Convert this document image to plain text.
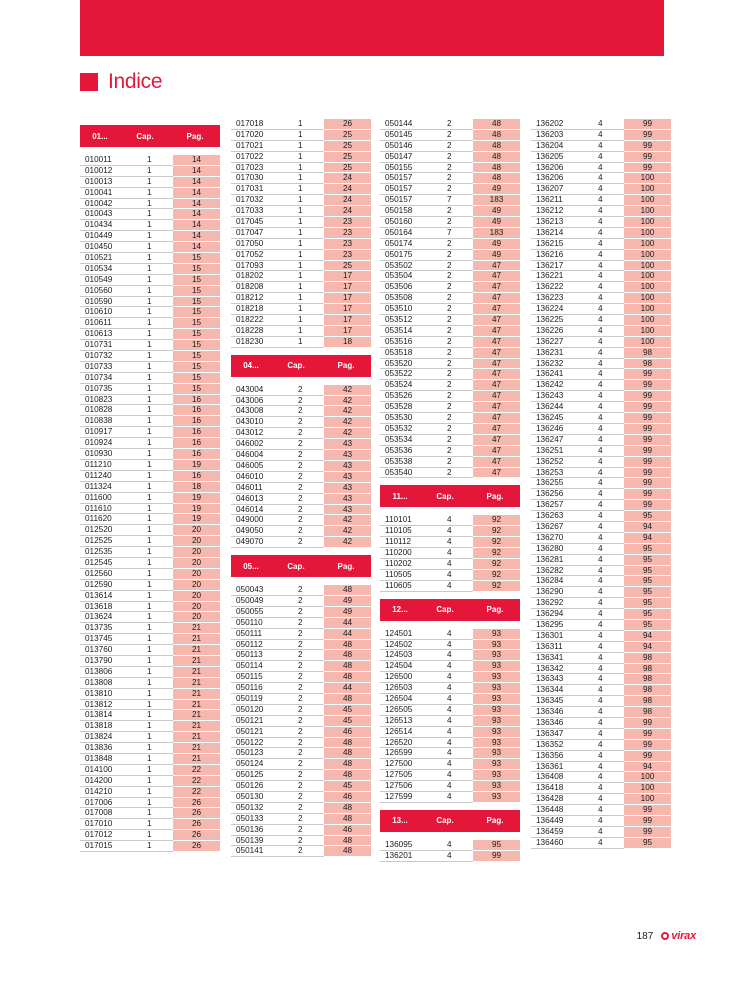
Indice
01...	Cap.	Pag.
010011	1	14
010012	1	14
010013	1	14
010041	1	14
010042	1	14
010043	1	14
010434	1	14
010449	1	14
010450	1	14
010521	1	15
010534	1	15
010549	1	15
010560	1	15
010590	1	15
010610	1	15
010611	1	15
010613	1	15
010731	1	15
010732	1	15
010733	1	15
010734	1	15
010735	1	15
010823	1	16
010828	1	16
010838	1	16
010917	1	16
010924	1	16
010930	1	16
011210	1	19
011240	1	16
011324	1	18
011600	1	19
011610	1	19
011620	1	19
012520	1	20
012525	1	20
012535	1	20
012545	1	20
012560	1	20
012590	1	20
013614	1	20
013618	1	20
013624	1	20
013735	1	21
013745	1	21
013760	1	21
013790	1	21
013806	1	21
013808	1	21
013810	1	21
013812	1	21
013814	1	21
013818	1	21
013824	1	21
013836	1	21
013848	1	21
014100	1	22
014200	1	22
014210	1	22
017006	1	26
017008	1	26
017010	1	26
017012	1	26
017015	1	26
017018	1	26
017020	1	25
017021	1	25
017022	1	25
017023	1	25
017030	1	24
017031	1	24
017032	1	24
017033	1	24
017045	1	23
017047	1	23
017050	1	23
017052	1	23
017093	1	25
018202	1	17
018208	1	17
018212	1	17
018218	1	17
018222	1	17
018228	1	17
018230	1	18
04...	Cap.	Pag.
043004	2	42
043006	2	42
043008	2	42
043010	2	42
043012	2	42
046002	2	43
046004	2	43
046005	2	43
046010	2	43
046011	2	43
046013	2	43
046014	2	43
049000	2	42
049050	2	42
049070	2	42
05...	Cap.	Pag.
050043	2	48
050049	2	49
050055	2	49
050110	2	44
050111	2	44
050112	2	48
050113	2	48
050114	2	48
050115	2	48
050116	2	44
050119	2	48
050120	2	45
050121	2	45
050121	2	46
050122	2	48
050123	2	48
050124	2	48
050125	2	48
050126	2	45
050130	2	46
050132	2	48
050133	2	48
050136	2	46
050139	2	48
050141	2	48
050144	2	48
050145	2	48
050146	2	48
050147	2	48
050155	2	48
050157	2	48
050157	2	49
050157	7	183
050158	2	49
050160	2	49
050164	7	183
050174	2	49
050175	2	49
053502	2	47
053504	2	47
053506	2	47
053508	2	47
053510	2	47
053512	2	47
053514	2	47
053516	2	47
053518	2	47
053520	2	47
053522	2	47
053524	2	47
053526	2	47
053528	2	47
053530	2	47
053532	2	47
053534	2	47
053536	2	47
053538	2	47
053540	2	47
11...	Cap.	Pag.
110101	4	92
110105	4	92
110112	4	92
110200	4	92
110202	4	92
110505	4	92
110605	4	92
12...	Cap.	Pag.
124501	4	93
124502	4	93
124503	4	93
124504	4	93
126500	4	93
126503	4	93
126504	4	93
126505	4	93
126513	4	93
126514	4	93
126520	4	93
126599	4	93
127500	4	93
127505	4	93
127506	4	93
127599	4	93
13...	Cap.	Pag.
136095	4	95
136201	4	99
136202	4	99
136203	4	99
136204	4	99
136205	4	99
136206	4	99
136206	4	100
136207	4	100
136211	4	100
136212	4	100
136213	4	100
136214	4	100
136215	4	100
136216	4	100
136217	4	100
136221	4	100
136222	4	100
136223	4	100
136224	4	100
136225	4	100
136226	4	100
136227	4	100
136231	4	98
136232	4	98
136241	4	99
136242	4	99
136243	4	99
136244	4	99
136245	4	99
136246	4	99
136247	4	99
136251	4	99
136252	4	99
136253	4	99
136255	4	99
136256	4	99
136257	4	99
136263	4	95
136267	4	94
136270	4	94
136280	4	95
136281	4	95
136282	4	95
136284	4	95
136290	4	95
136292	4	95
136294	4	95
136295	4	95
136301	4	94
136311	4	94
136341	4	98
136342	4	98
136343	4	98
136344	4	98
136345	4	98
136346	4	98
136346	4	99
136347	4	99
136352	4	99
136356	4	99
136361	4	94
136408	4	100
136418	4	100
136428	4	100
136448	4	99
136449	4	99
136459	4	99
136460	4	95
187 virax
